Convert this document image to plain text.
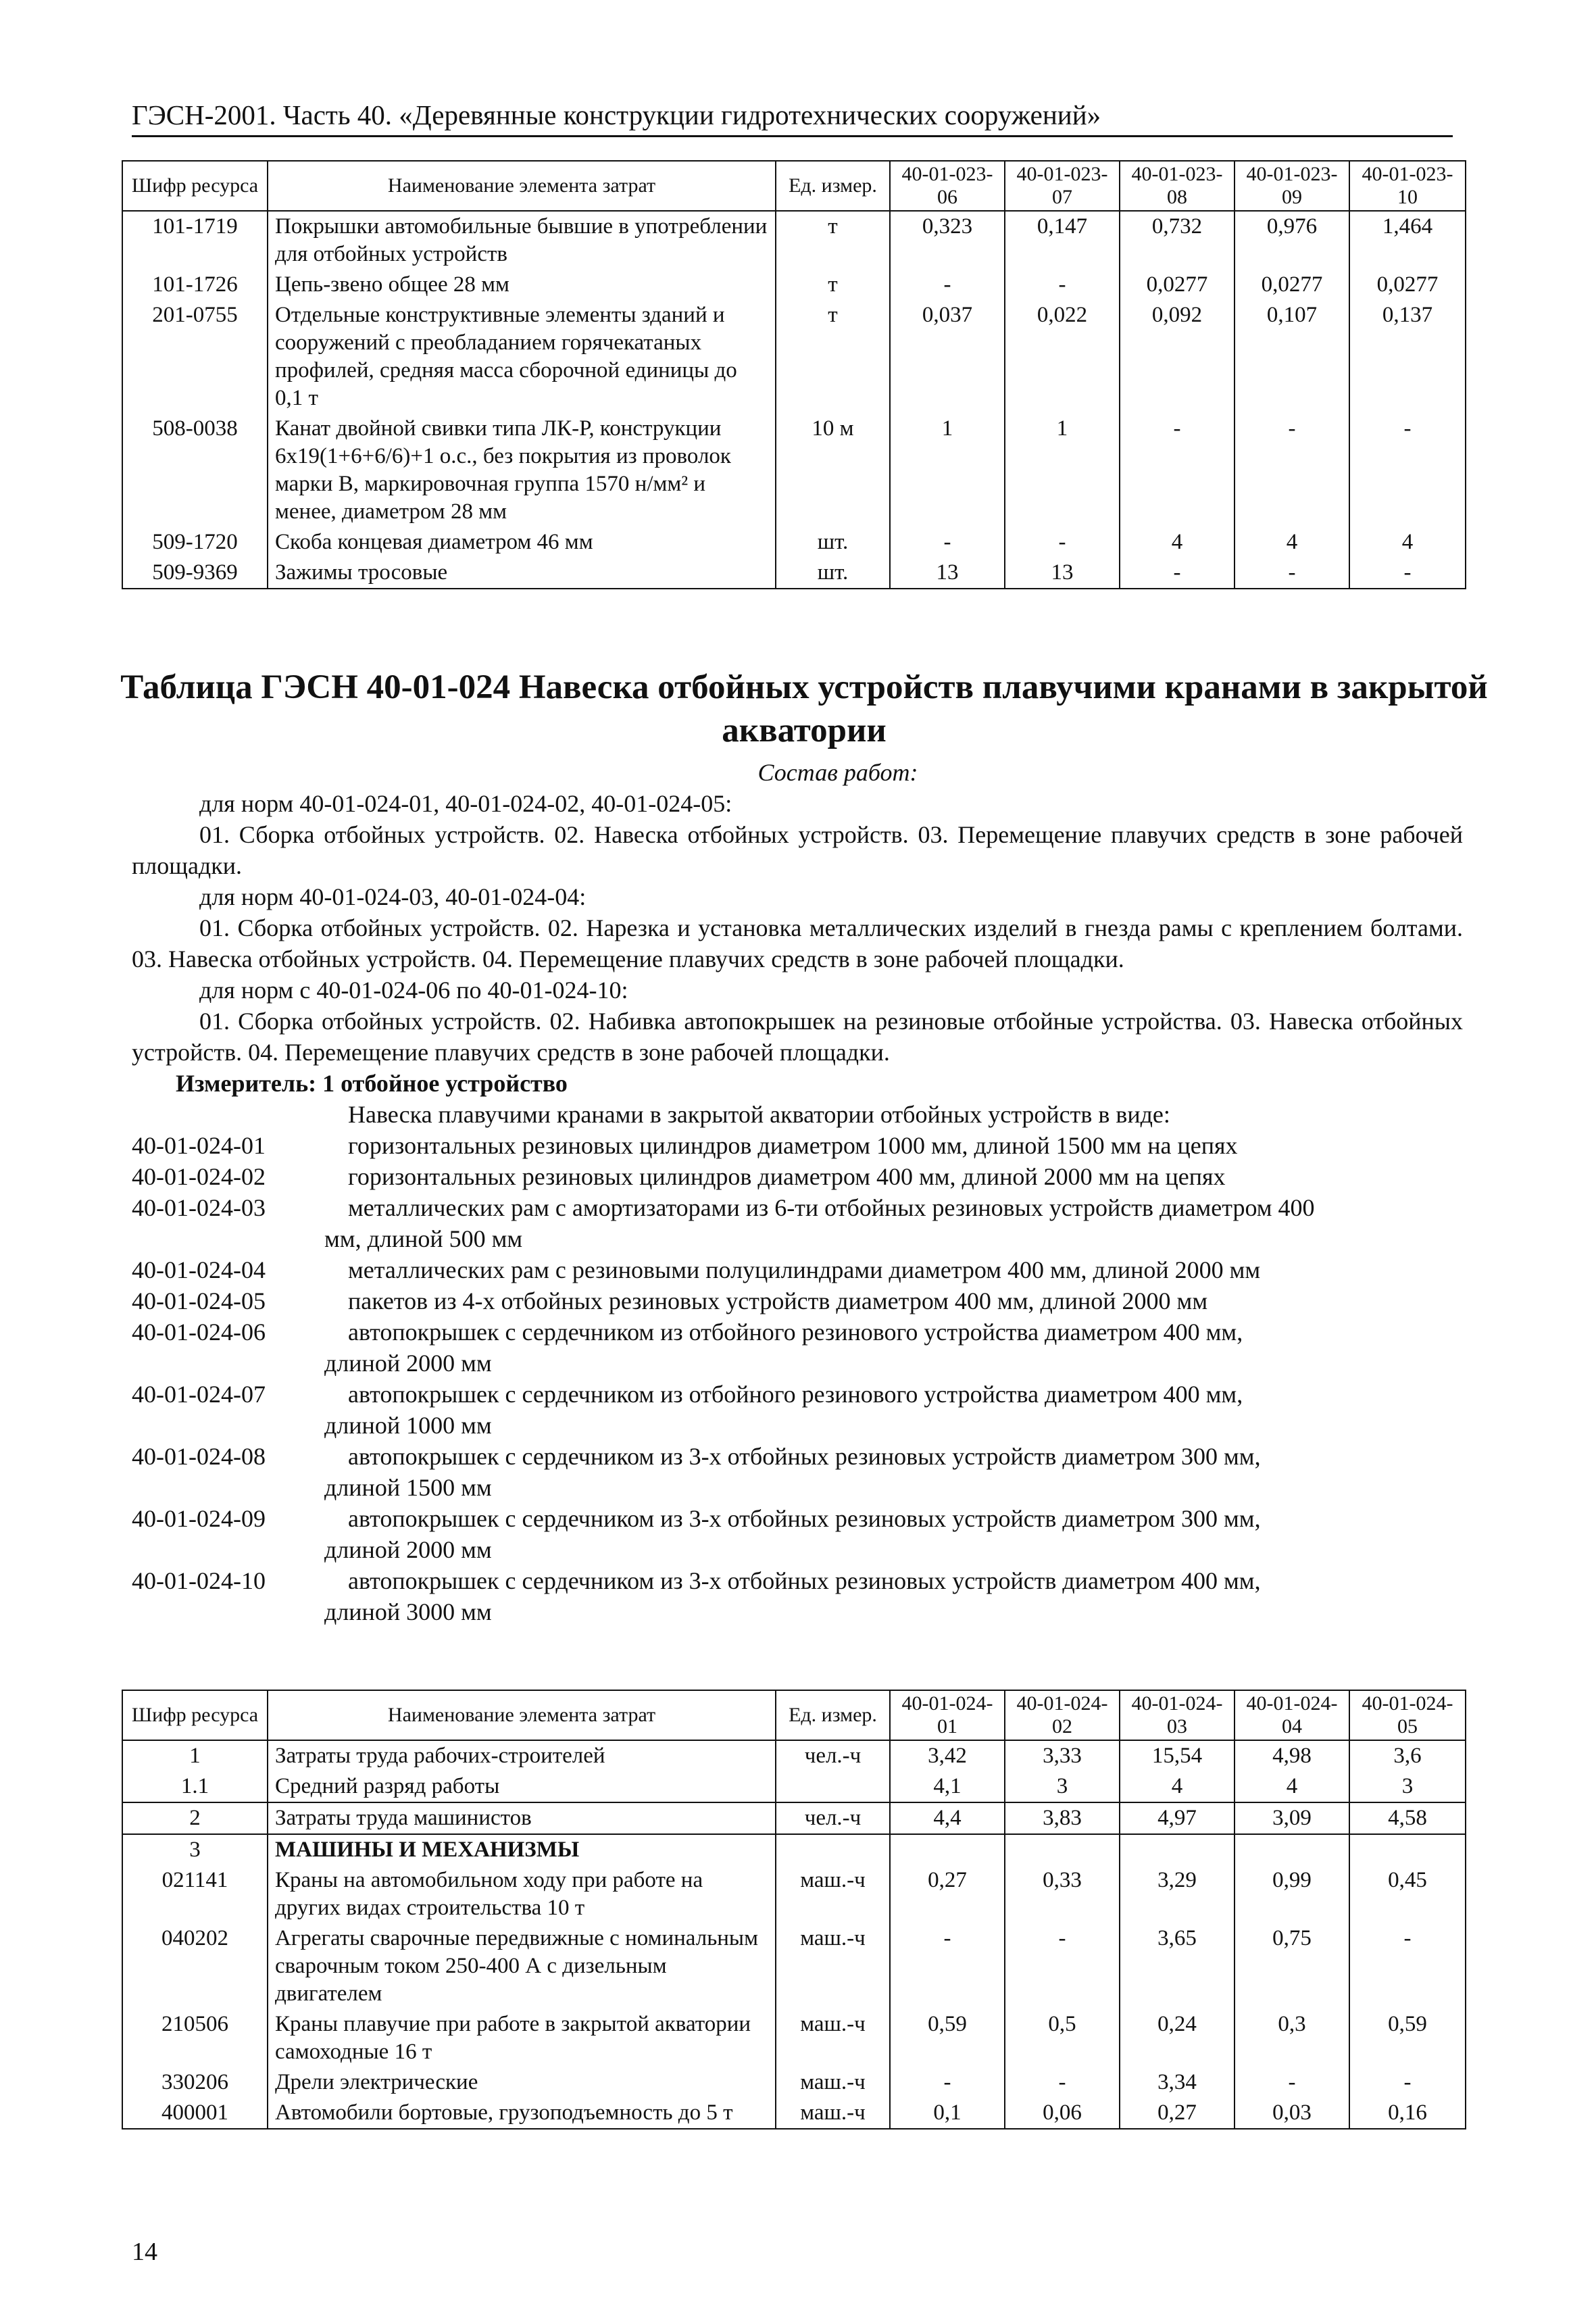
ГЭСН-2001. Часть 40. «Деревянные конструкции гидротехнических сооружений»
Шифр ресурса	Наименование элемента затрат	Ед. измер.	40-01-023-06	40-01-023-07	40-01-023-08	40-01-023-09	40-01-023-10
101-1719	Покрышки автомобильные бывшие в употреблении для отбойных устройств	т	0,323	0,147	0,732	0,976	1,464
101-1726	Цепь-звено общее 28 мм	т	-	-	0,0277	0,0277	0,0277
201-0755	Отдельные конструктивные элементы зданий и сооружений с преобладанием горячекатаных профилей, средняя масса сборочной единицы до 0,1 т	т	0,037	0,022	0,092	0,107	0,137
508-0038	Канат двойной свивки типа ЛК-Р, конструкции 6х19(1+6+6/6)+1 о.с., без покрытия из проволок марки В, маркировочная группа 1570 н/мм² и менее, диаметром 28 мм	10 м	1	1	-	-	-
509-1720	Скоба концевая диаметром 46 мм	шт.	-	-	4	4	4
509-9369	Зажимы тросовые	шт.	13	13	-	-	-
Таблица ГЭСН 40-01-024 Навеска отбойных устройств плавучими кранами в закрытой акватории

Состав работ:

для норм 40-01-024-01, 40-01-024-02, 40-01-024-05:

01. Сборка отбойных устройств. 02. Навеска отбойных устройств. 03. Перемещение плавучих средств в зоне рабочей площадки.

для норм 40-01-024-03, 40-01-024-04:

01. Сборка отбойных устройств. 02. Нарезка и установка металлических изделий в гнезда рамы с креплением болтами. 03. Навеска отбойных устройств. 04. Перемещение плавучих средств в зоне рабочей площадки.

для норм с 40-01-024-06 по 40-01-024-10:

01. Сборка отбойных устройств. 02. Набивка автопокрышек на резиновые отбойные устройства. 03. Навеска отбойных устройств. 04. Перемещение плавучих средств в зоне рабочей площадки.

Измеритель: 1 отбойное устройство

Навеска плавучими кранами в закрытой акватории отбойных устройств в виде:

40-01-024-01	горизонтальных резиновых цилиндров диаметром 1000 мм, длиной 1500 мм на цепях
40-01-024-02	горизонтальных резиновых цилиндров диаметром 400 мм, длиной 2000 мм на цепях
40-01-024-03	металлических рам с амортизаторами из 6-ти отбойных резиновых устройств диаметром 400
мм, длиной 500 мм
40-01-024-04	металлических рам с резиновыми полуцилиндрами диаметром 400 мм, длиной 2000 мм
40-01-024-05	пакетов из 4-х отбойных резиновых устройств диаметром 400 мм, длиной 2000 мм
40-01-024-06	автопокрышек с сердечником из отбойного резинового устройства диаметром 400 мм,
длиной 2000 мм
40-01-024-07	автопокрышек с сердечником из отбойного резинового устройства диаметром 400 мм,
длиной 1000 мм
40-01-024-08	автопокрышек с сердечником из 3-х отбойных резиновых устройств диаметром 300 мм,
длиной 1500 мм
40-01-024-09	автопокрышек с сердечником из 3-х отбойных резиновых устройств диаметром 300 мм,
длиной 2000 мм
40-01-024-10	автопокрышек с сердечником из 3-х отбойных резиновых устройств диаметром 400 мм,
длиной 3000 мм
Шифр ресурса	Наименование элемента затрат	Ед. измер.	40-01-024-01	40-01-024-02	40-01-024-03	40-01-024-04	40-01-024-05
1	Затраты труда рабочих-строителей	чел.-ч	3,42	3,33	15,54	4,98	3,6
1.1	Средний разряд работы		4,1	3	4	4	3
2	Затраты труда машинистов	чел.-ч	4,4	3,83	4,97	3,09	4,58
3	МАШИНЫ И МЕХАНИЗМЫ						
021141	Краны на автомобильном ходу при работе на других видах строительства 10 т	маш.-ч	0,27	0,33	3,29	0,99	0,45
040202	Агрегаты сварочные передвижные с номинальным сварочным током 250-400 А с дизельным двигателем	маш.-ч	-	-	3,65	0,75	-
210506	Краны плавучие при работе в закрытой акватории самоходные 16 т	маш.-ч	0,59	0,5	0,24	0,3	0,59
330206	Дрели электрические	маш.-ч	-	-	3,34	-	-
400001	Автомобили бортовые, грузоподъемность до 5 т	маш.-ч	0,1	0,06	0,27	0,03	0,16
14
